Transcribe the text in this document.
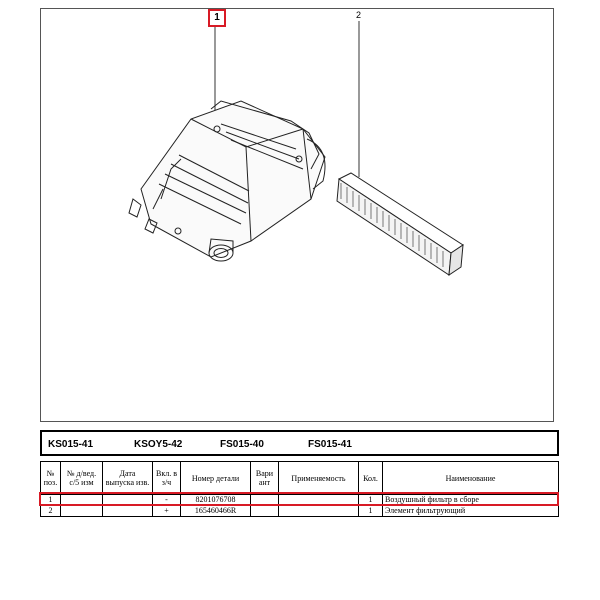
1	2
KS015-41	KSOY5-42	FS015-40	FS015-41
№ поз.	№ д/вед. с/5 изм	Дата выпуска изв.	Вкл. в з/ч	Номер детали	Вари ант	Применяемость	Кол.	Наименование
1			-	8201076708			1	Воздушный фильтр в сборе
2			+	165460466R			1	Элемент фильтрующий
